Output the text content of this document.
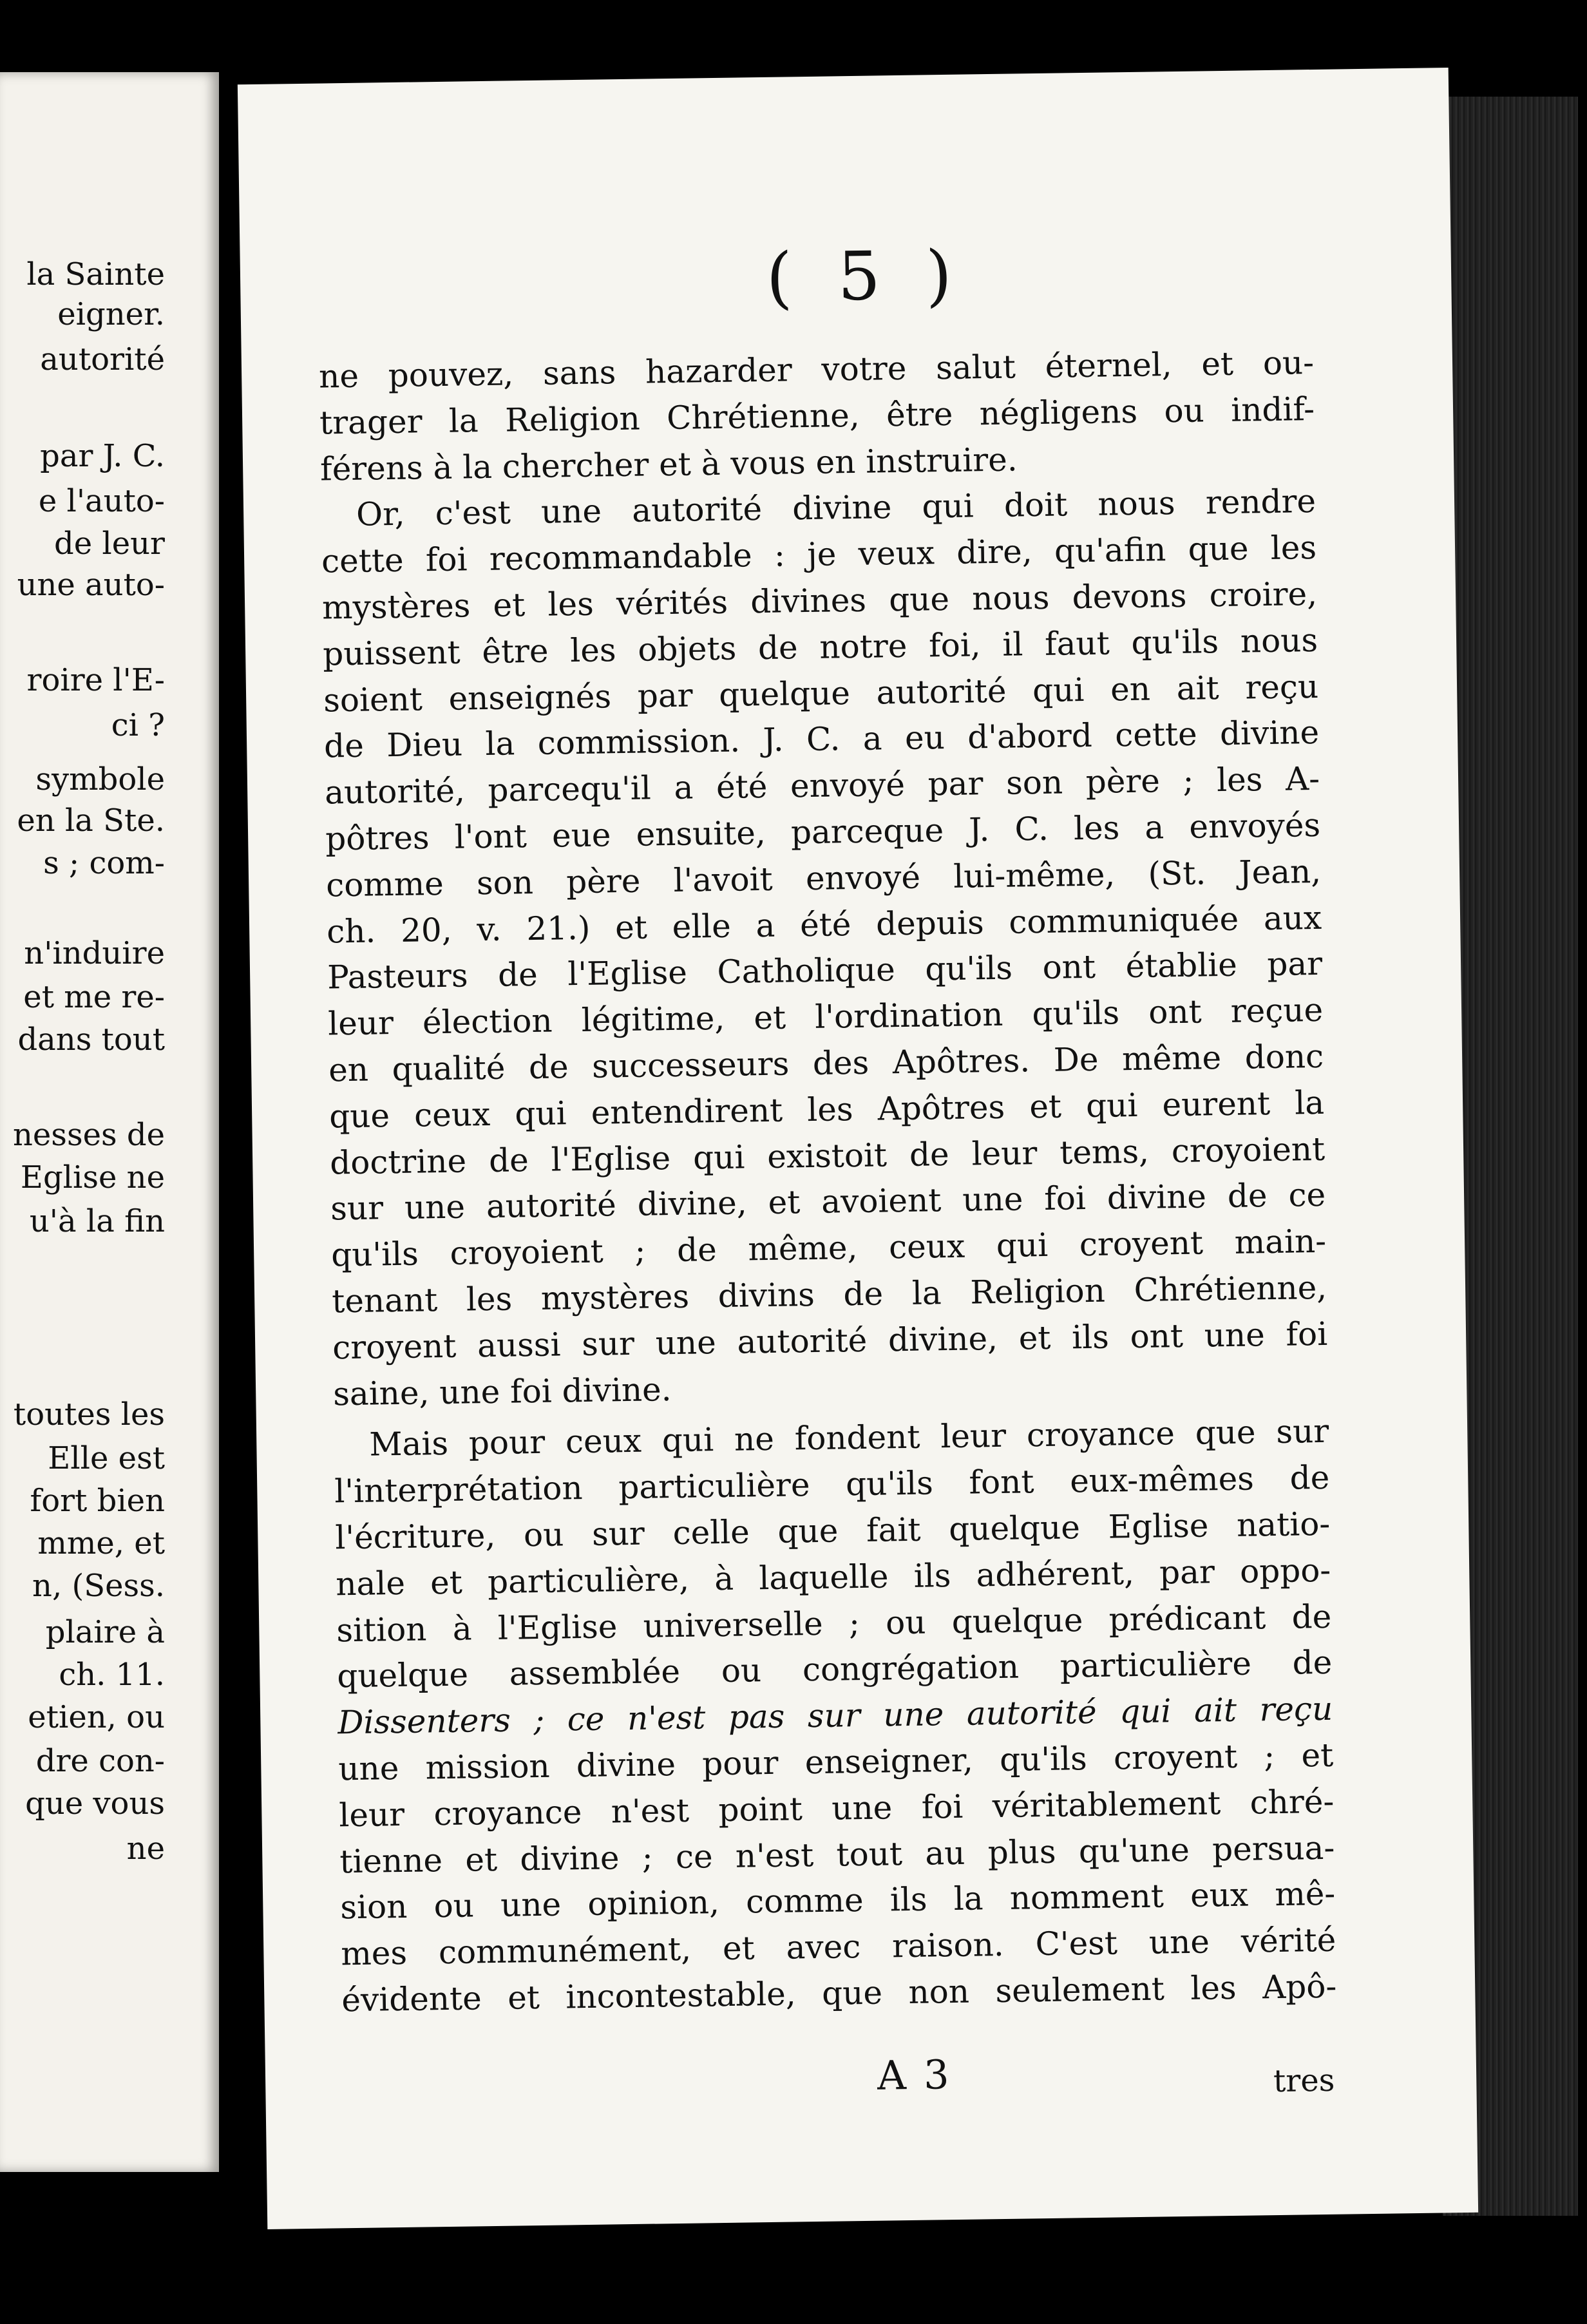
la Sainte
eigner.
autorité
par J. C.
e l'auto-
de leur
une auto-
roire l'E-
ci ?
symbole
en la Ste.
s ; com-
n'induire
et me re-
dans tout
nesses de
Eglise ne
u'à la fin
toutes les
Elle est
fort bien
mme, et
n, (Sess.
plaire à
ch. 11.
etien, ou
dre con-
que vous
ne
( 5 )
ne pouvez, sans hazarder votre salut éternel, et ou-
trager la Religion Chrétienne, être négligens ou indif-
férens à la chercher et à vous en instruire.
Or, c'est une autorité divine qui doit nous rendre
cette foi recommandable : je veux dire, qu'afin que les
mystères et les vérités divines que nous devons croire,
puissent être les objets de notre foi, il faut qu'ils nous
soient enseignés par quelque autorité qui en ait reçu
de Dieu la commission. J. C. a eu d'abord cette divine
autorité, parcequ'il a été envoyé par son père ; les A-
pôtres l'ont eue ensuite, parceque J. C. les a envoyés
comme son père l'avoit envoyé lui-même, (St. Jean,
ch. 20, v. 21.) et elle a été depuis communiquée aux
Pasteurs de l'Eglise Catholique qu'ils ont établie par
leur élection légitime, et l'ordination qu'ils ont reçue
en qualité de successeurs des Apôtres. De même donc
que ceux qui entendirent les Apôtres et qui eurent la
doctrine de l'Eglise qui existoit de leur tems, croyoient
sur une autorité divine, et avoient une foi divine de ce
qu'ils croyoient ; de même, ceux qui croyent main-
tenant les mystères divins de la Religion Chrétienne,
croyent aussi sur une autorité divine, et ils ont une foi
saine, une foi divine.
Mais pour ceux qui ne fondent leur croyance que sur
l'interprétation particulière qu'ils font eux-mêmes de
l'écriture, ou sur celle que fait quelque Eglise natio-
nale et particulière, à laquelle ils adhérent, par oppo-
sition à l'Eglise universelle ; ou quelque prédicant de
quelque assemblée ou congrégation particulière de
Dissenters ; ce n'est pas sur une autorité qui ait reçu
une mission divine pour enseigner, qu'ils croyent ; et
leur croyance n'est point une foi véritablement chré-
tienne et divine ; ce n'est tout au plus qu'une persua-
sion ou une opinion, comme ils la nomment eux mê-
mes communément, et avec raison. C'est une vérité
évidente et incontestable, que non seulement les Apô-
A 3	tres
